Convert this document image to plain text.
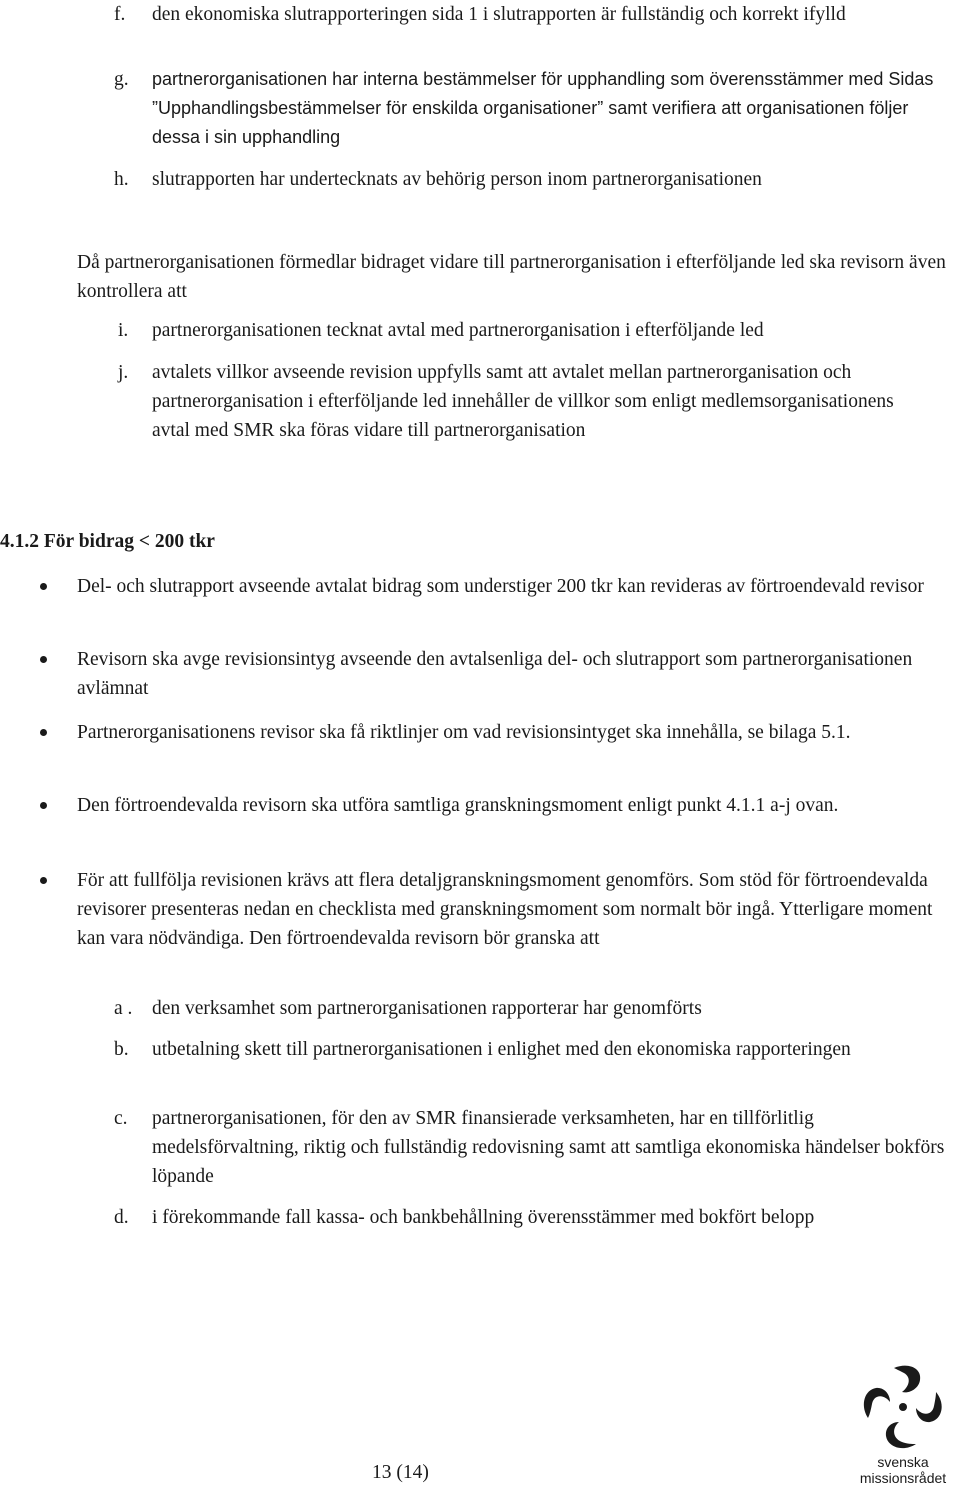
f. den ekonomiska slutrapporteringen sida 1 i slutrapporten är fullständig och korrekt ifylld
g. partnerorganisationen har interna bestämmelser för upphandling som överensstämmer med Sidas ”Upphandlingsbestämmelser för enskilda organisationer” samt verifiera att organisationen följer dessa i sin upphandling
h. slutrapporten har undertecknats av behörig person inom partnerorganisationen
Då partnerorganisationen förmedlar bidraget vidare till partnerorganisation i efterföljande led ska revisorn även kontrollera att
i. partnerorganisationen tecknat avtal med partnerorganisation i efterföljande led
j. avtalets villkor avseende revision uppfylls samt att avtalet mellan partnerorganisation och partnerorganisation i efterföljande led innehåller de villkor som enligt medlemsorganisationens avtal med SMR ska föras vidare till partnerorganisation
4.1.2 För bidrag < 200 tkr
Del- och slutrapport avseende avtalat bidrag som understiger 200 tkr kan revideras av förtroendevald revisor
Revisorn ska avge revisionsintyg avseende den avtalsenliga del- och slutrapport som partnerorganisationen avlämnat
Partnerorganisationens revisor ska få riktlinjer om vad revisionsintyget ska innehålla, se bilaga 5.1.
Den förtroendevalda revisorn ska utföra samtliga granskningsmoment enligt punkt 4.1.1 a-j ovan.
För att fullfölja revisionen krävs att flera detaljgranskningsmoment genomförs. Som stöd för förtroendevalda revisorer presenteras nedan en checklista med granskningsmoment som normalt bör ingå. Ytterligare moment kan vara nödvändiga. Den förtroendevalda revisorn bör granska att
a . den verksamhet som partnerorganisationen rapporterar har genomförts
b. utbetalning skett till partnerorganisationen i enlighet med den ekonomiska rapporteringen
c. partnerorganisationen, för den av SMR finansierade verksamheten, har en tillförlitlig medelsförvaltning, riktig och fullständig redovisning samt att samtliga ekonomiska händelser bokförs löpande
d. i förekommande fall kassa- och bankbehållning överensstämmer med bokfört belopp
13 (14)	svenska
missionsrådet
